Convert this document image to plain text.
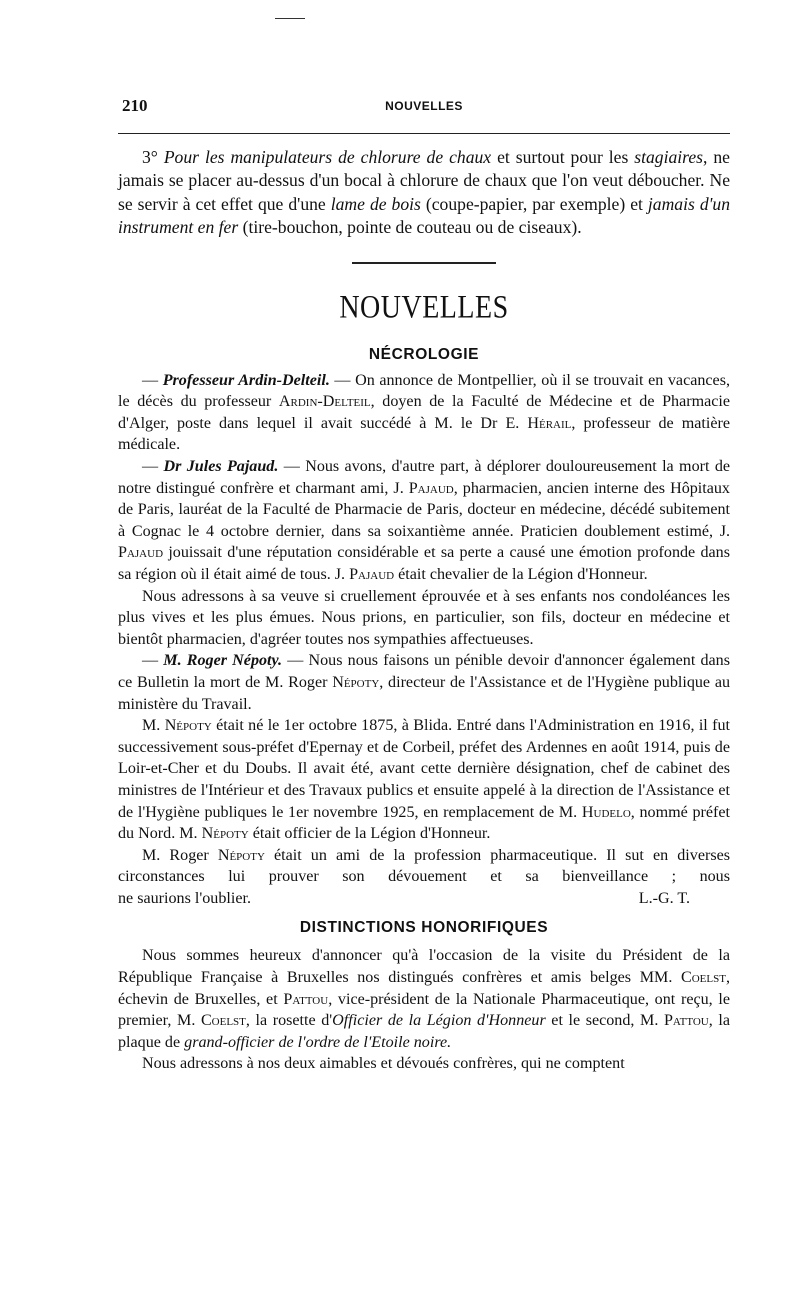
210	NOUVELLES

3° Pour les manipulateurs de chlorure de chaux et surtout pour les stagiaires, ne jamais se placer au-dessus d'un bocal à chlorure de chaux que l'on veut déboucher. Ne se servir à cet effet que d'une lame de bois (coupe-papier, par exemple) et jamais d'un instrument en fer (tire-bouchon, pointe de couteau ou de ciseaux).

NOUVELLES
NÉCROLOGIE

— Professeur Ardin-Delteil. — On annonce de Montpellier, où il se trouvait en vacances, le décès du professeur Ardin-Delteil, doyen de la Faculté de Médecine et de Pharmacie d'Alger, poste dans lequel il avait succédé à M. le Dr E. Hérail, professeur de matière médicale.

— Dr Jules Pajaud. — Nous avons, d'autre part, à déplorer douloureusement la mort de notre distingué confrère et charmant ami, J. Pajaud, pharmacien, ancien interne des Hôpitaux de Paris, lauréat de la Faculté de Pharmacie de Paris, docteur en médecine, décédé subitement à Cognac le 4 octobre dernier, dans sa soixantième année. Praticien doublement estimé, J. Pajaud jouissait d'une réputation considérable et sa perte a causé une émotion profonde dans sa région où il était aimé de tous. J. Pajaud était chevalier de la Légion d'Honneur.

Nous adressons à sa veuve si cruellement éprouvée et à ses enfants nos condoléances les plus vives et les plus émues. Nous prions, en particulier, son fils, docteur en médecine et bientôt pharmacien, d'agréer toutes nos sympathies affectueuses.

— M. Roger Népoty. — Nous nous faisons un pénible devoir d'annoncer également dans ce Bulletin la mort de M. Roger Népoty, directeur de l'Assistance et de l'Hygiène publique au ministère du Travail.

M. Népoty était né le 1er octobre 1875, à Blida. Entré dans l'Administration en 1916, il fut successivement sous-préfet d'Epernay et de Corbeil, préfet des Ardennes en août 1914, puis de Loir-et-Cher et du Doubs. Il avait été, avant cette dernière désignation, chef de cabinet des ministres de l'Intérieur et des Travaux publics et ensuite appelé à la direction de l'Assistance et de l'Hygiène publiques le 1er novembre 1925, en remplacement de M. Hudelo, nommé préfet du Nord. M. Népoty était officier de la Légion d'Honneur.

M. Roger Népoty était un ami de la profession pharmaceutique. Il sut en diverses circonstances lui prouver son dévouement et sa bienveillance ; nous

ne saurions l'oublier.	L.-G. T.
DISTINCTIONS HONORIFIQUES

Nous sommes heureux d'annoncer qu'à l'occasion de la visite du Président de la République Française à Bruxelles nos distingués confrères et amis belges MM. Coelst, échevin de Bruxelles, et Pattou, vice-président de la Nationale Pharmaceutique, ont reçu, le premier, M. Coelst, la rosette d'Officier de la Légion d'Honneur et le second, M. Pattou, la plaque de grand-officier de l'ordre de l'Etoile noire.

Nous adressons à nos deux aimables et dévoués confrères, qui ne comptent
